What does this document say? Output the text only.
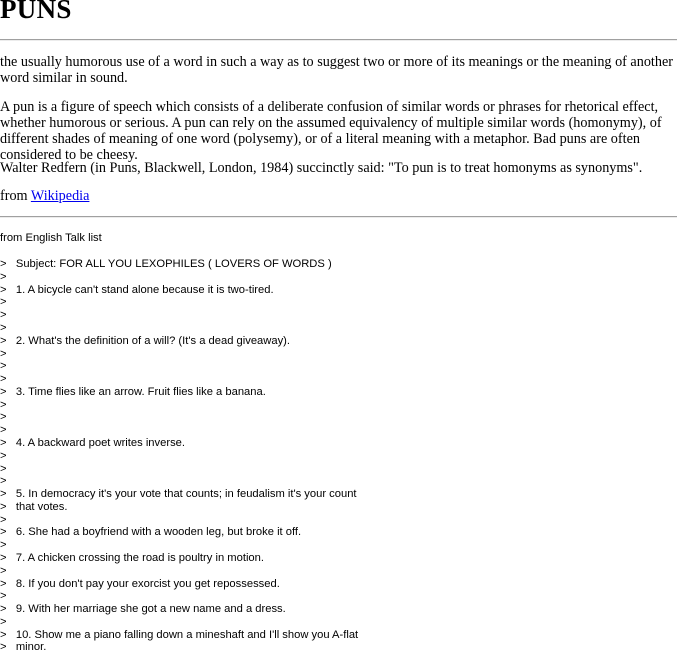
PUNS
the usually humorous use of a word in such a way as to suggest two or more of its meanings or the meaning of another word similar in sound.
A pun is a figure of speech which consists of a deliberate confusion of similar words or phrases for rhetorical effect, whether humorous or serious. A pun can rely on the assumed equivalency of multiple similar words (homonymy), of different shades of meaning of one word (polysemy), or of a literal meaning with a metaphor. Bad puns are often considered to be cheesy.
Walter Redfern (in Puns, Blackwell, London, 1984) succinctly said: "To pun is to treat homonyms as synonyms".
from Wikipedia
from English Talk list
>   Subject: FOR ALL YOU LEXOPHILES ( LOVERS OF WORDS )
>
>   1. A bicycle can't stand alone because it is two-tired.
>
>
>
>   2. What's the definition of a will? (It's a dead giveaway).
>
>
>
>   3. Time flies like an arrow. Fruit flies like a banana.
>
>
>
>   4. A backward poet writes inverse.
>
>
>
>   5. In democracy it's your vote that counts; in feudalism it's your count
>   that votes.
>
>   6. She had a boyfriend with a wooden leg, but broke it off.
>
>   7. A chicken crossing the road is poultry in motion.
>
>   8. If you don't pay your exorcist you get repossessed.
>
>   9. With her marriage she got a new name and a dress.
>
>   10. Show me a piano falling down a mineshaft and I'll show you A-flat
>   minor.
